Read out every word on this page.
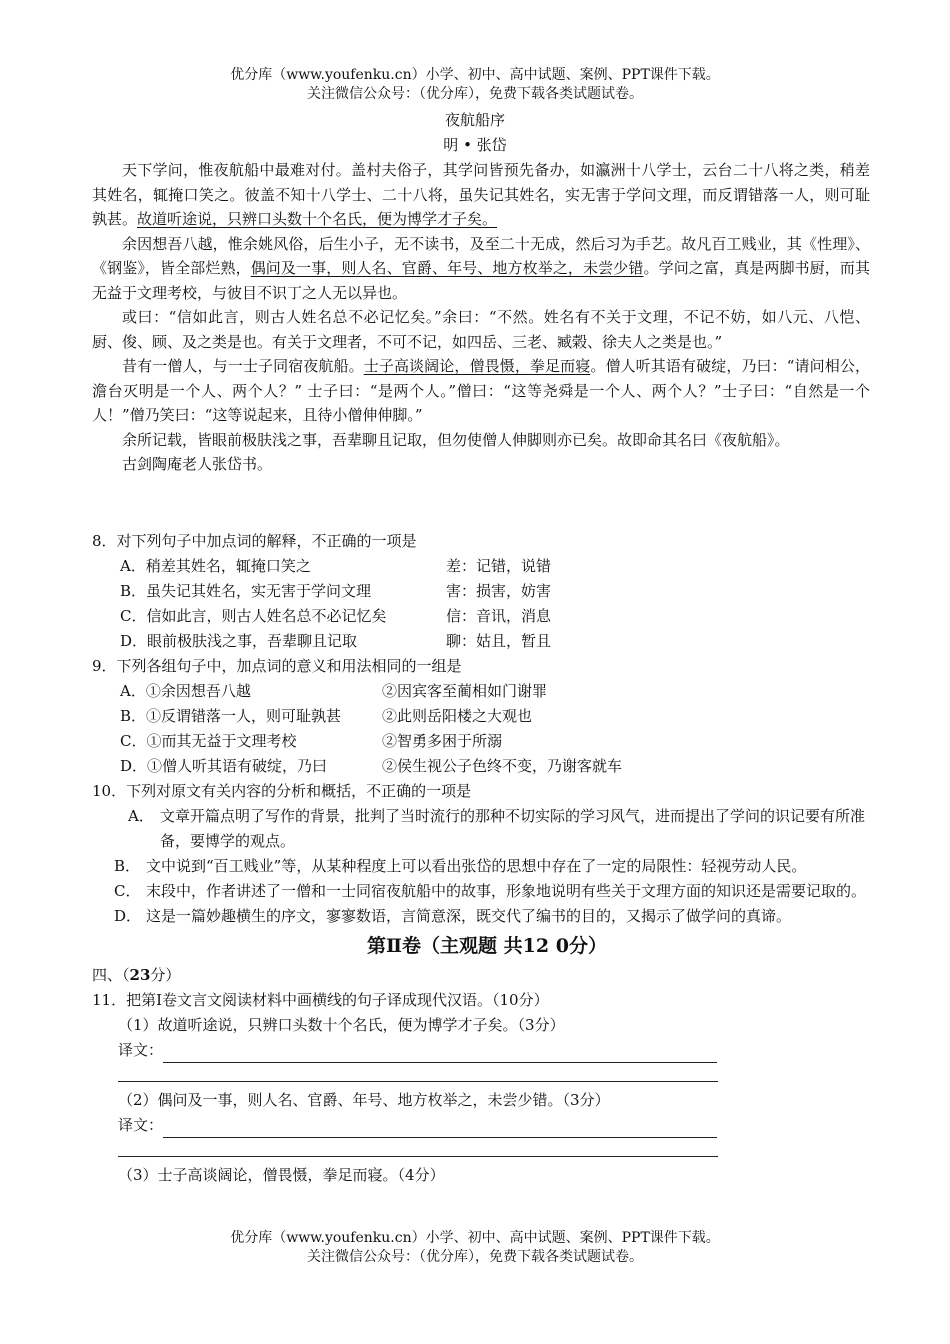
优分库（www.youfenku.cn）小学、初中、高中试题、案例、PPT课件下载。
关注微信公众号：（优分库），免费下载各类试题试卷。
夜航船序
明 • 张岱

天下学问，惟夜航船中最难对付。盖村夫俗子，其学问皆预先备办，如瀛洲十八学士，云台二十八将之类，稍差其姓名，辄掩口笑之。彼盖不知十八学士、二十八将，虽失记其姓名，实无害于学问文理，而反谓错落一人，则可耻孰甚。故道听途说，只辨口头数十个名氏，便为博学才子矣。

余因想吾八越，惟余姚风俗，后生小子，无不读书，及至二十无成，然后习为手艺。故凡百工贱业，其《性理》、《钢鉴》，皆全部烂熟，偶问及一事，则人名、官爵、年号、地方枚举之，未尝少错。学问之富，真是两脚书厨，而其无益于文理考校，与彼目不识丁之人无以异也。

或曰：“信如此言，则古人姓名总不必记忆矣。”余曰：“不然。姓名有不关于文理，不记不妨，如八元、八恺、厨、俊、顾、及之类是也。有关于文理者，不可不记，如四岳、三老、臧榖、徐夫人之类是也。”

昔有一僧人，与一士子同宿夜航船。士子高谈阔论，僧畏慑，拳足而寝。僧人听其语有破绽，乃曰：“请问相公，澹台灭明是一个人、两个人？” 士子曰：“是两个人。”僧曰：“这等尧舜是一个人、两个人？”士子曰：“自然是一个人！”僧乃笑曰：“这等说起来，且待小僧伸伸脚。”

余所记载，皆眼前极肤浅之事，吾辈聊且记取，但勿使僧人伸脚则亦已矣。故即命其名曰《夜航船》。

古剑陶庵老人张岱书。

8．对下列句子中加点词的解释，不正确的一项是
A．稍差其姓名，辄掩口笑之	差：记错，说错
B．虽失记其姓名，实无害于学问文理	害：损害，妨害
C．信如此言，则古人姓名总不必记忆矣	信：音讯，消息
D．眼前极肤浅之事，吾辈聊且记取	聊：姑且，暂且
9．下列各组句子中，加点词的意义和用法相同的一组是
A．①余因想吾八越	②因宾客至蔺相如门谢罪
B．①反谓错落一人，则可耻孰甚	②此则岳阳楼之大观也
C．①而其无益于文理考校	②智勇多困于所溺
D．①僧人听其语有破绽，乃曰	②侯生视公子色终不变，乃谢客就车
10．下列对原文有关内容的分析和概括，不正确的一项是
A． 文章开篇点明了写作的背景，批判了当时流行的那种不切实际的学习风气，进而提出了学问的识记要有所准备，要博学的观点。
B． 文中说到“百工贱业”等，从某种程度上可以看出张岱的思想中存在了一定的局限性：轻视劳动人民。
C． 末段中，作者讲述了一僧和一士同宿夜航船中的故事，形象地说明有些关于文理方面的知识还是需要记取的。
D． 这是一篇妙趣横生的序文，寥寥数语，言简意深，既交代了编书的目的，又揭示了做学问的真谛。
第Ⅱ卷（主观题 共12 0分）
四、（23分）
11．把第Ⅰ卷文言文阅读材料中画横线的句子译成现代汉语。（10分）
（1）故道听途说，只辨口头数十个名氏，便为博学才子矣。（3分）
译文：
（2）偶问及一事，则人名、官爵、年号、地方枚举之，未尝少错。（3分）
译文：
（3）士子高谈阔论，僧畏慑，拳足而寝。（4分）
优分库（www.youfenku.cn）小学、初中、高中试题、案例、PPT课件下载。
关注微信公众号：（优分库），免费下载各类试题试卷。
